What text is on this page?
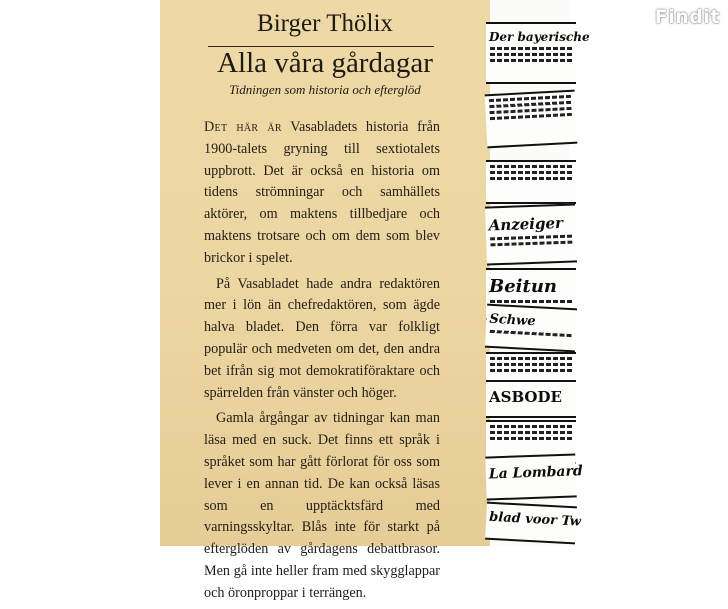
Birger Thölix
Alla våra gårdagar
Tidningen som historia och efterglöd

Det här är Vasabladets historia från 1900-talets gryning till sextiotalets uppbrott. Det är också en historia om tidens strömningar och samhällets aktörer, om maktens tillbedjare och maktens trotsare och om dem som blev brickor i spelet.

På Vasabladet hade andra redaktören mer i lön än chefredaktören, som ägde halva bladet. Den förra var folkligt populär och medveten om det, den andra bet ifrån sig mot demokratiföraktare och spärrelden från vänster och höger.

Gamla årgångar av tidningar kan man läsa med en suck. Det finns ett språk i språket som har gått förlorat för oss som lever i en annan tid. De kan också läsas som en upptäcktsfärd med varningsskyltar. Blås inte för starkt på efterglöden av gårdagens debattbrasor. Men gå inte heller fram med skygglappar och öronproppar i terrängen.

Der bayerische
Anzeiger
Beitun
Schwe
ASBODE
La Lombard
blad voor Tw
Findit
